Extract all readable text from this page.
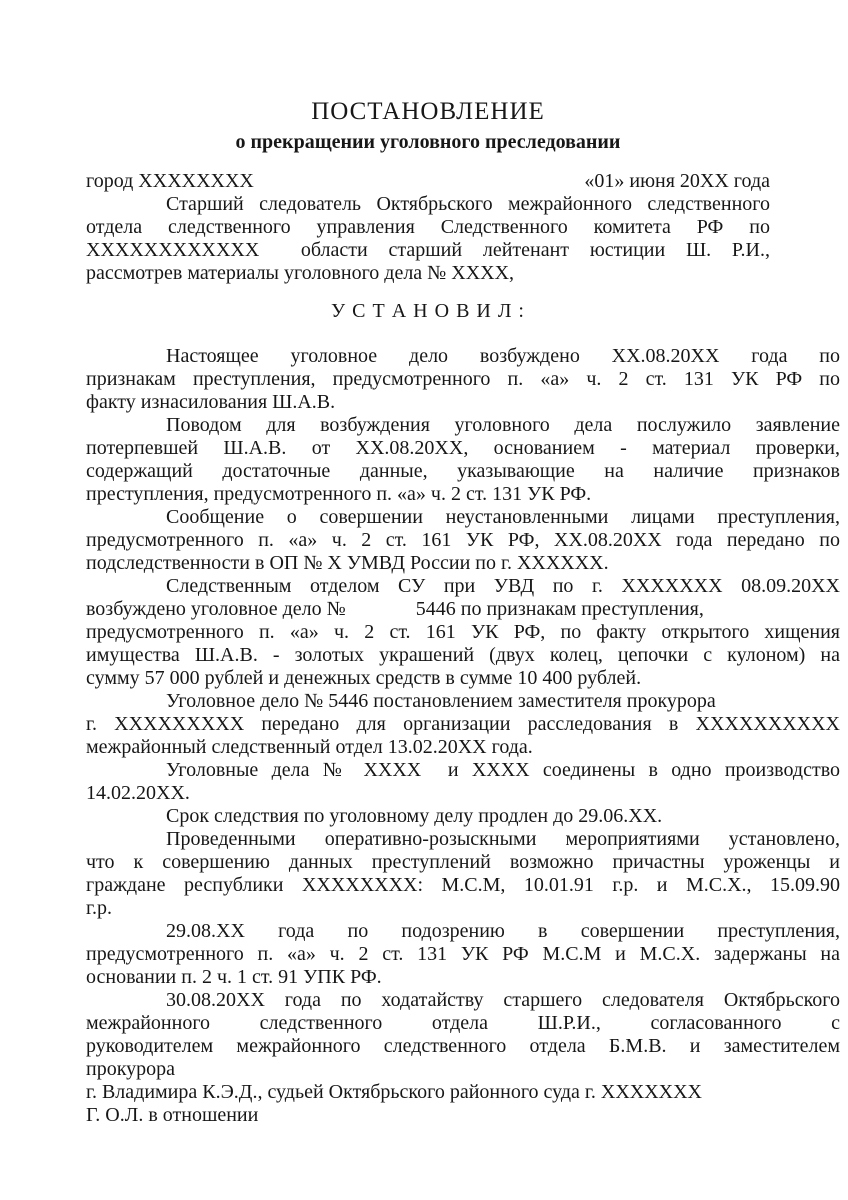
ПОСТАНОВЛЕНИЕ
о прекращении уголовного преследовании
город ХХХХХХХХ	«01» июня 20ХХ года
Старший следователь Октябрьского межрайонного следственного
отдела следственного управления Следственного комитета РФ по
ХХХХХХХХХХХХ  области старший лейтенант юстиции Ш. Р.И.,
рассмотрев материалы уголовного дела № ХХХХ,
У С Т А Н О В И Л :
Настоящее уголовное дело возбуждено ХХ.08.20ХХ года по
признакам преступления, предусмотренного п. «а» ч. 2 ст. 131 УК РФ по
факту изнасилования Ш.А.В.
Поводом для возбуждения уголовного дела послужило заявление
потерпевшей Ш.А.В. от ХХ.08.20ХХ, основанием - материал проверки,
содержащий достаточные данные, указывающие на наличие признаков
преступления, предусмотренного п. «а» ч. 2 ст. 131 УК РФ.
Сообщение о совершении неустановленными лицами преступления,
предусмотренного п. «а» ч. 2 ст. 161 УК РФ, ХХ.08.20ХХ года передано по
подследственности в ОП № Х УМВД России по г. ХХХХХХ.
Следственным отделом СУ при УВД по г. ХХХХХХХ 08.09.20ХХ
возбуждено уголовное дело №              5446 по признакам преступления,
предусмотренного п. «а» ч. 2 ст. 161 УК РФ, по факту открытого хищения
имущества Ш.А.В. - золотых украшений (двух колец, цепочки с кулоном) на
сумму 57 000 рублей и денежных средств в сумме 10 400 рублей.
Уголовное дело № 5446 постановлением заместителя прокурора
г. ХХХХХХХХХ передано для организации расследования в ХХХХХХХХХХ
межрайонный следственный отдел 13.02.20ХХ года.
Уголовные дела № ХХХХ  и ХХХХ соединены в одно производство
14.02.20ХХ.
Срок следствия по уголовному делу продлен до 29.06.ХХ.
Проведенными оперативно-розыскными мероприятиями установлено,
что к совершению данных преступлений возможно причастны уроженцы и
граждане республики ХХХХХХХХ: М.С.М, 10.01.91 г.р. и М.С.Х., 15.09.90
г.р.
29.08.ХХ года по подозрению в совершении преступления,
предусмотренного п. «а» ч. 2 ст. 131 УК РФ М.С.М и М.С.Х. задержаны на
основании п. 2 ч. 1 ст. 91 УПК РФ.
30.08.20ХХ года по ходатайству старшего следователя Октябрьского
межрайонного следственного отдела Ш.Р.И., согласованного с
руководителем межрайонного следственного отдела Б.М.В. и заместителем
прокурора
г. Владимира К.Э.Д., судьей Октябрьского районного суда г. ХХХХХХХ
Г. О.Л. в отношении
